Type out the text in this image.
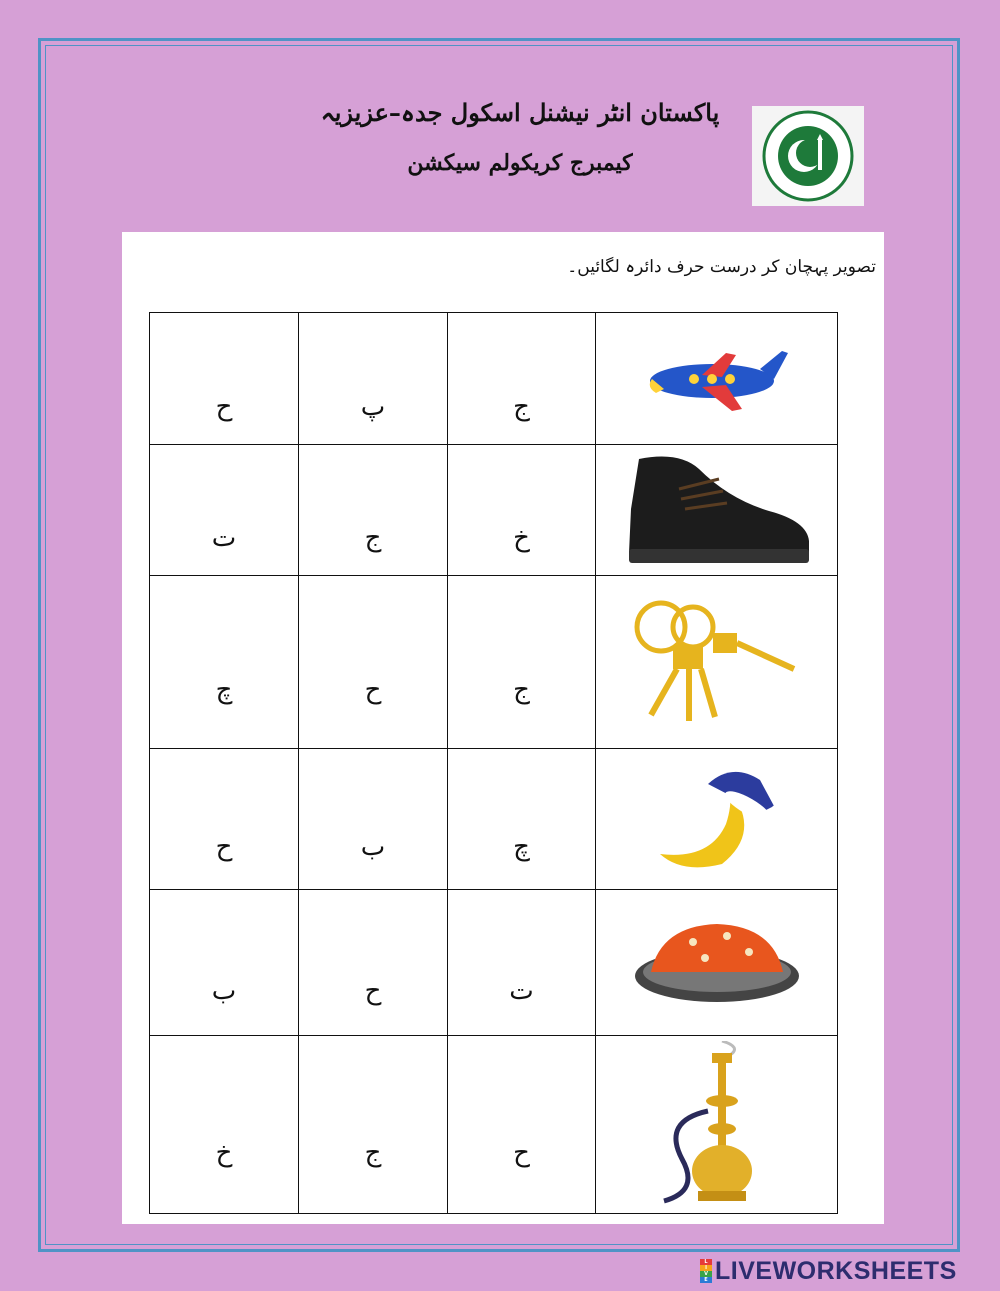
پاکستان انٹر نیشنل اسکول جدہ–عزیزیہ
کیمبرج کریکولم سیکشن
تصویر پہچان کر درست حرف دائرہ لگائیں۔
ح	پ	ج	

ت	ج	خ	

چ	ح	ج	

ح	ب	چ	

ب	ح	ت	

خ	ج	ح	
L
I
V
E LIVEWORKSHEETS
